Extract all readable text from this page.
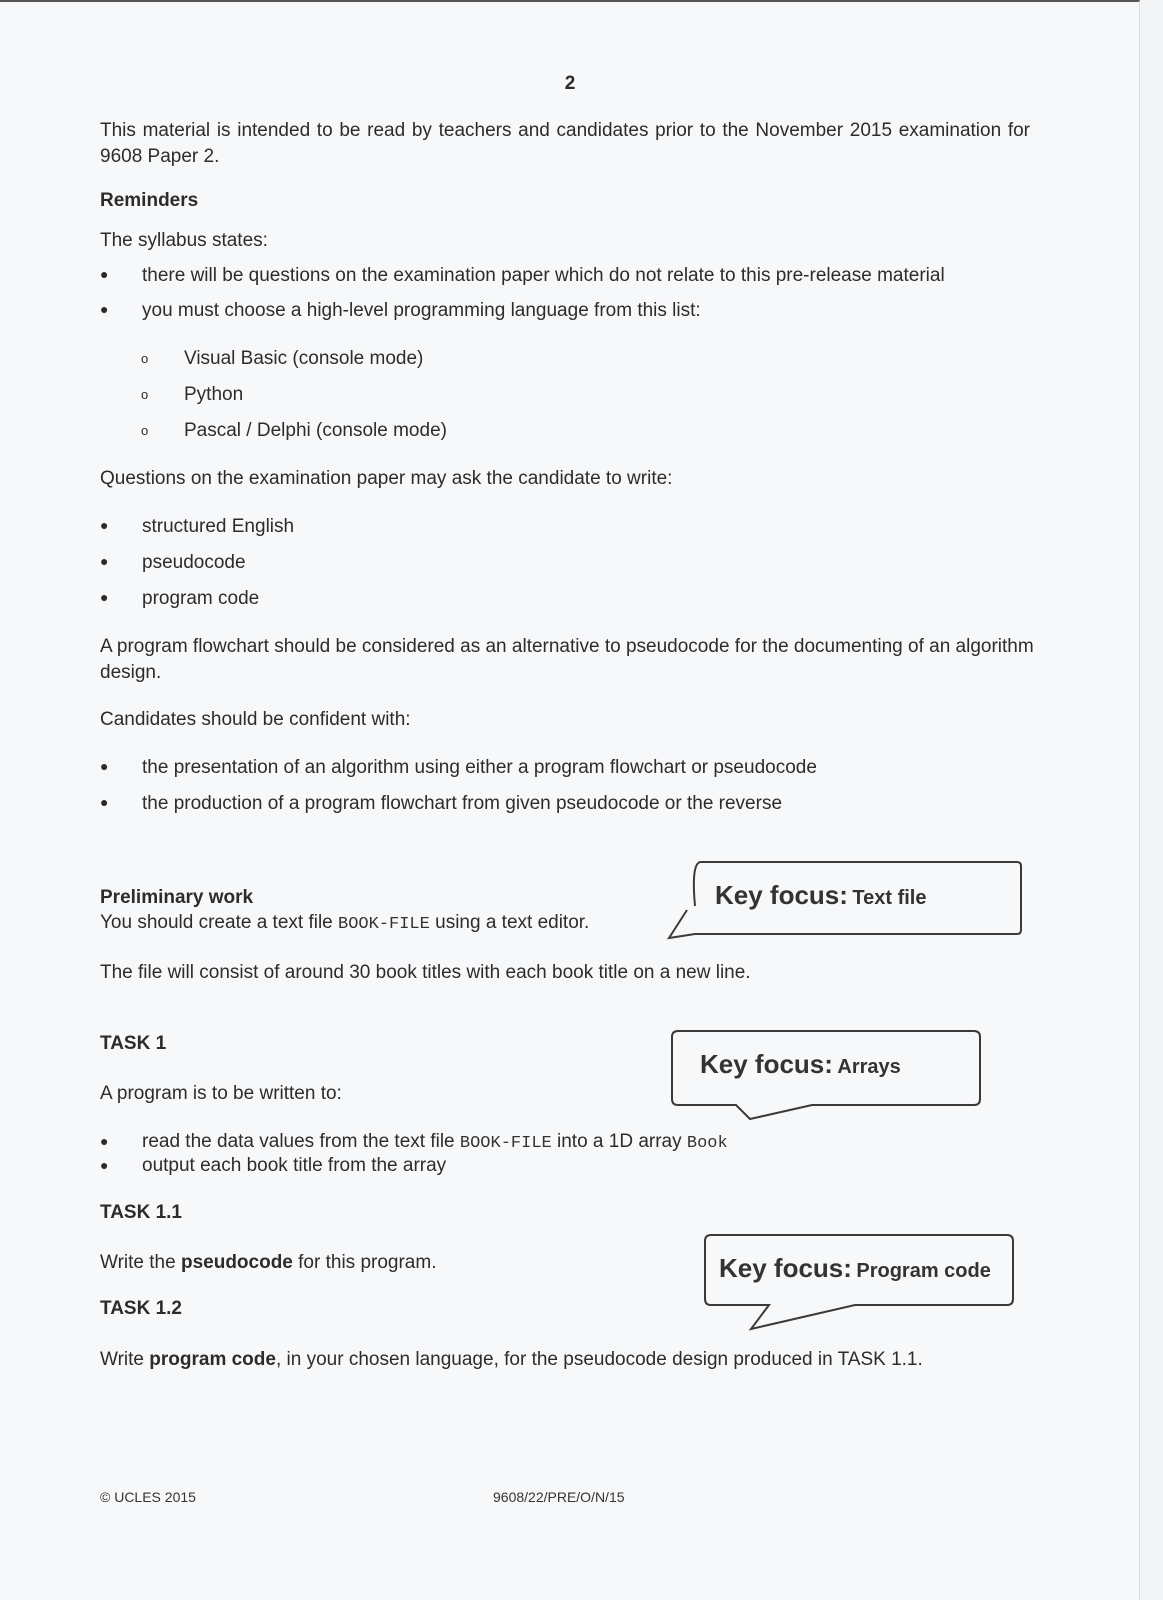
2
This material is intended to be read by teachers and candidates prior to the November 2015 examination for 9608 Paper 2.
Reminders
The syllabus states:
● there will be questions on the examination paper which do not relate to this pre-release material
● you must choose a high-level programming language from this list:
o Visual Basic (console mode)
o Python
o Pascal / Delphi (console mode)
Questions on the examination paper may ask the candidate to write:
● structured English
● pseudocode
● program code
A program flowchart should be considered as an alternative to pseudocode for the documenting of an algorithm design.
Candidates should be confident with:
● the presentation of an algorithm using either a program flowchart or pseudocode
● the production of a program flowchart from given pseudocode or the reverse
Preliminary work
You should create a text file BOOK-FILE using a text editor.
The file will consist of around 30 book titles with each book title on a new line.
Key focus: Text file
TASK 1
A program is to be written to:
Key focus: Arrays
● read the data values from the text file BOOK-FILE into a 1D array Book
● output each book title from the array
TASK 1.1
Write the pseudocode for this program.	Key focus: Program code
TASK 1.2
Write program code, in your chosen language, for the pseudocode design produced in TASK 1.1.
© UCLES 2015	9608/22/PRE/O/N/15
